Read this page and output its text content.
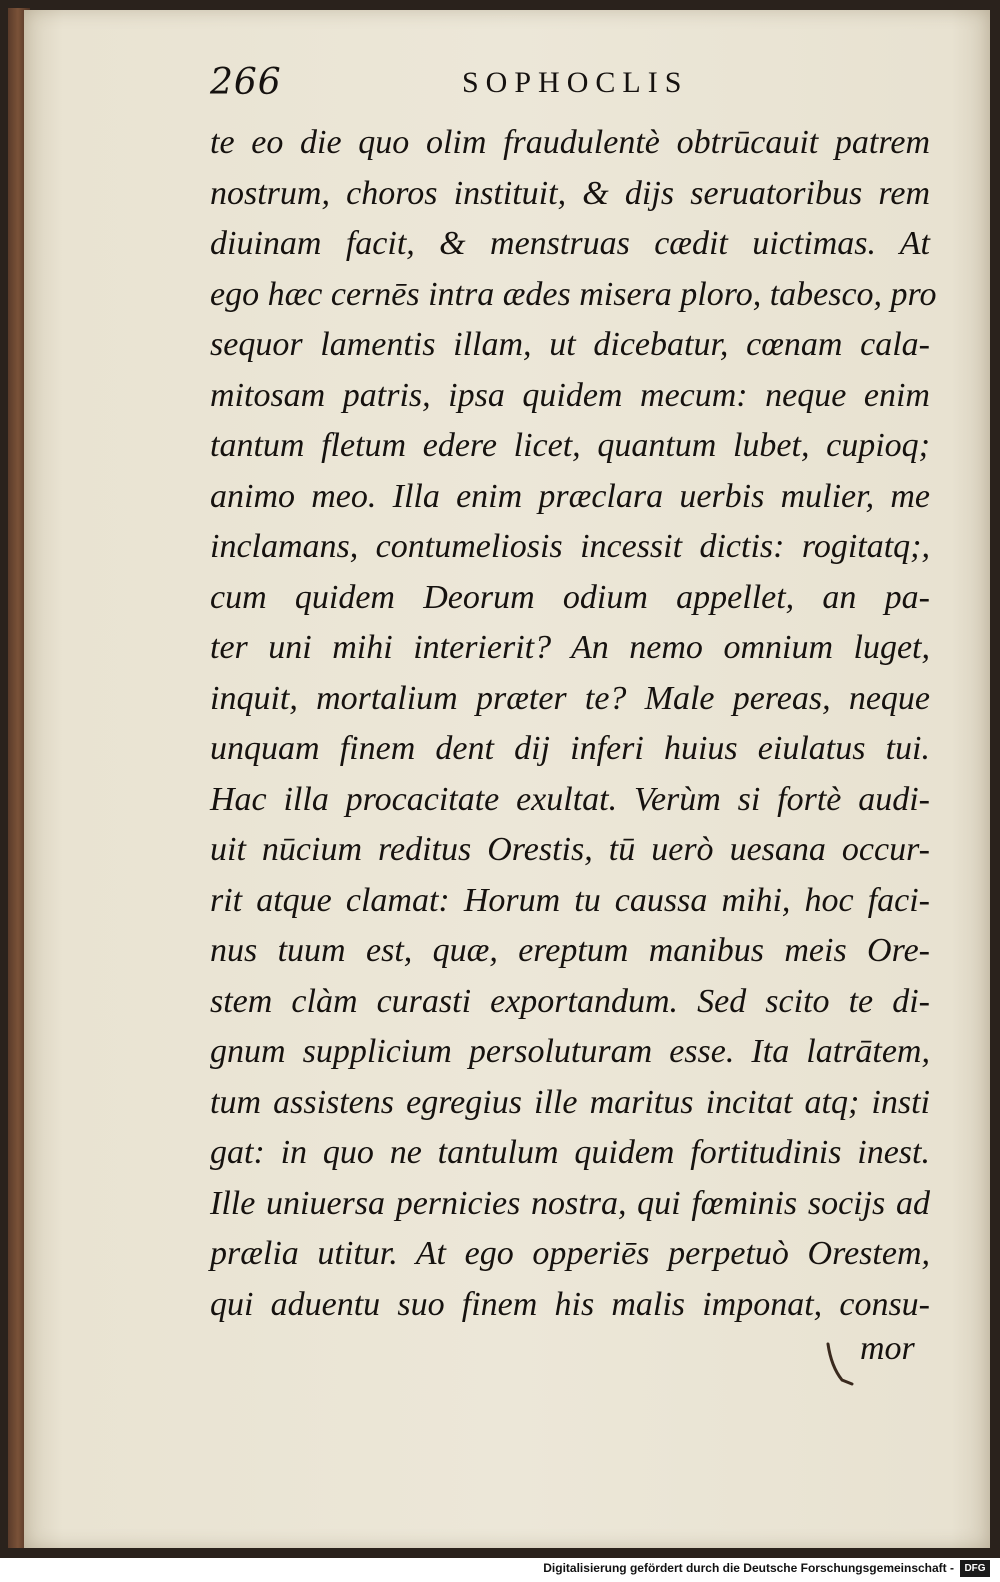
266	SOPHOCLIS
te eo die quo olim fraudulentè obtrūcauit patrem
nostrum, choros instituit, & dijs seruatoribus rem
diuinam facit, & menstruas cædit uictimas. At
ego hæc cernēs intra ædes misera ploro, tabesco, pro
sequor lamentis illam, ut dicebatur, cœnam cala-
mitosam patris, ipsa quidem mecum: neque enim
tantum fletum edere licet, quantum lubet, cupioq;
animo meo. Illa enim præclara uerbis mulier, me
inclamans, contumeliosis incessit dictis: rogitatq;,
cum quidem Deorum odium appellet, an pa-
ter uni mihi interierit? An nemo omnium luget,
inquit, mortalium præter te? Male pereas, neque
unquam finem dent dij inferi huius eiulatus tui.
Hac illa procacitate exultat. Verùm si fortè audi-
uit nūcium reditus Orestis, tū uerò uesana occur-
rit atque clamat: Horum tu caussa mihi, hoc faci-
nus tuum est, quæ, ereptum manibus meis Ore-
stem clàm curasti exportandum. Sed scito te di-
gnum supplicium persoluturam esse. Ita latrātem,
tum assistens egregius ille maritus incitat atq; insti
gat: in quo ne tantulum quidem fortitudinis inest.
Ille uniuersa pernicies nostra, qui fœminis socijs ad
prælia utitur. At ego opperiēs perpetuò Orestem,
qui aduentu suo finem his malis imponat, consu-
mor
Digitalisierung gefördert durch die Deutsche Forschungsgemeinschaft -	DFG
